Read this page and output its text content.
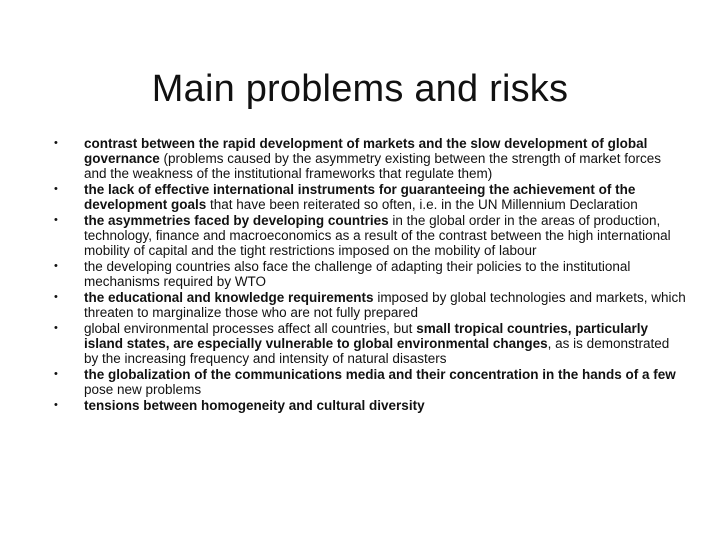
Main problems and risks
•	contrast between the rapid development of markets and the slow development of global governance (problems caused by the asymmetry existing between the strength of market forces and the weakness of the institutional frameworks that regulate them)
•	the lack of effective international instruments for guaranteeing the achievement of the development goals that have been reiterated so often, i.e. in the UN Millennium Declaration
•	the asymmetries faced by developing countries in the global order in the areas of production, technology, finance and macroeconomics as a result of the contrast between the high international mobility of capital and the tight restrictions imposed on the mobility of labour
•	the developing countries also face the challenge of adapting their policies to the institutional mechanisms required by WTO
•	the educational and knowledge requirements imposed by global technologies and markets, which threaten to marginalize those who are not fully prepared
•	global environmental processes affect all countries, but small tropical countries, particularly island states, are especially vulnerable to global environmental changes, as is demonstrated by the increasing frequency and intensity of natural disasters
•	the globalization of the communications media and their concentration in the hands of a few pose new problems
•	tensions between homogeneity and cultural diversity
